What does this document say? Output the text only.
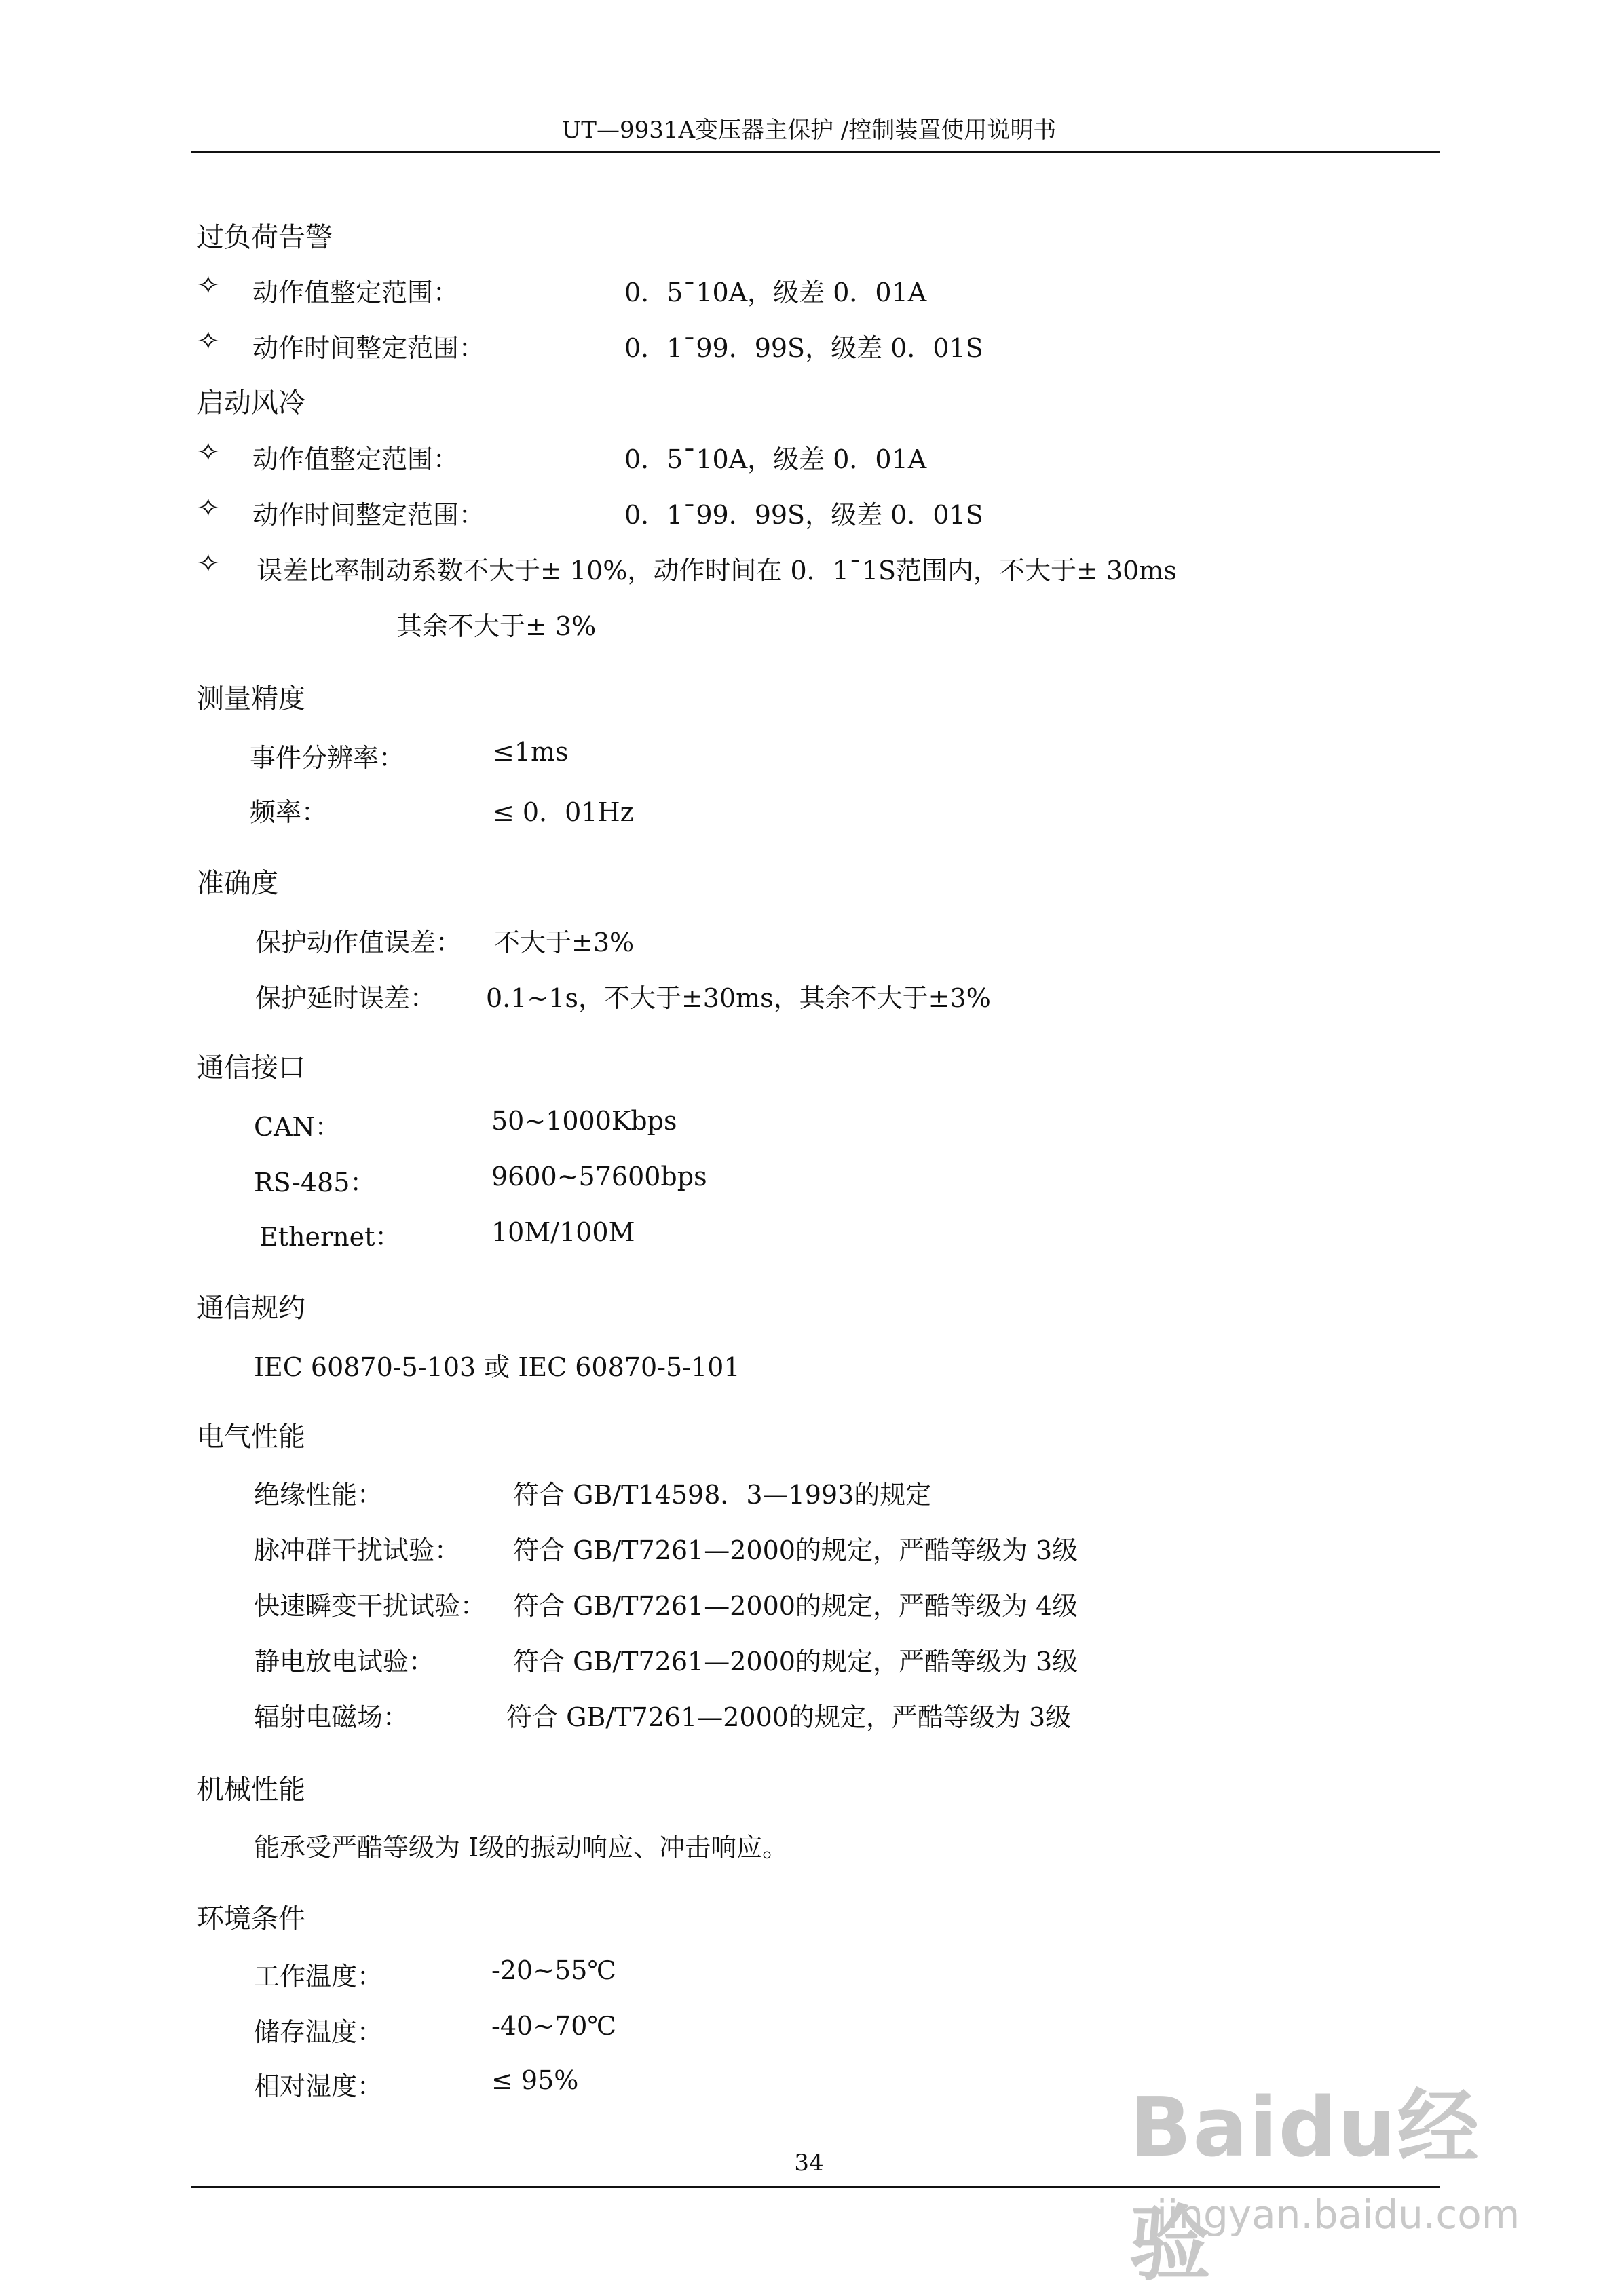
UT—9931A变压器主保护 /控制装置使用说明书
过负荷告警
✧ 动作值整定范围：	0．5¯10A，级差 0．01A
✧ 动作时间整定范围：	0．1¯99．99S，级差 0．01S
启动风冷
✧ 动作值整定范围：	0．5¯10A，级差 0．01A
✧ 动作时间整定范围：	0．1¯99．99S，级差 0．01S
✧ 误差比率制动系数不大于± 10%，动作时间在 0．1¯1S范围内，不大于± 30ms
其余不大于± 3%
测量精度
事件分辨率：	≤1ms
频率：	≤ 0．01Hz
准确度
保护动作值误差： 不大于±3%
保护延时误差： 0.1~1s，不大于±30ms，其余不大于±3%
通信接口
CAN：	50~1000Kbps
RS-485：	9600~57600bps
Ethernet：	10M/100M
通信规约
IEC 60870-5-103 或 IEC 60870-5-101
电气性能
绝缘性能：	符合 GB/T14598．3—1993的规定
脉冲群干扰试验： 符合 GB/T7261—2000的规定，严酷等级为 3级
快速瞬变干扰试验： 符合 GB/T7261—2000的规定，严酷等级为 4级
静电放电试验：	符合 GB/T7261—2000的规定，严酷等级为 3级
辐射电磁场：	符合 GB/T7261—2000的规定，严酷等级为 3级
机械性能
能承受严酷等级为 I级的振动响应、冲击响应。
环境条件
工作温度：	-20~55℃
储存温度：	-40~70℃
相对湿度：	≤ 95%
34	Baidu经验
jingyan.baidu.com
